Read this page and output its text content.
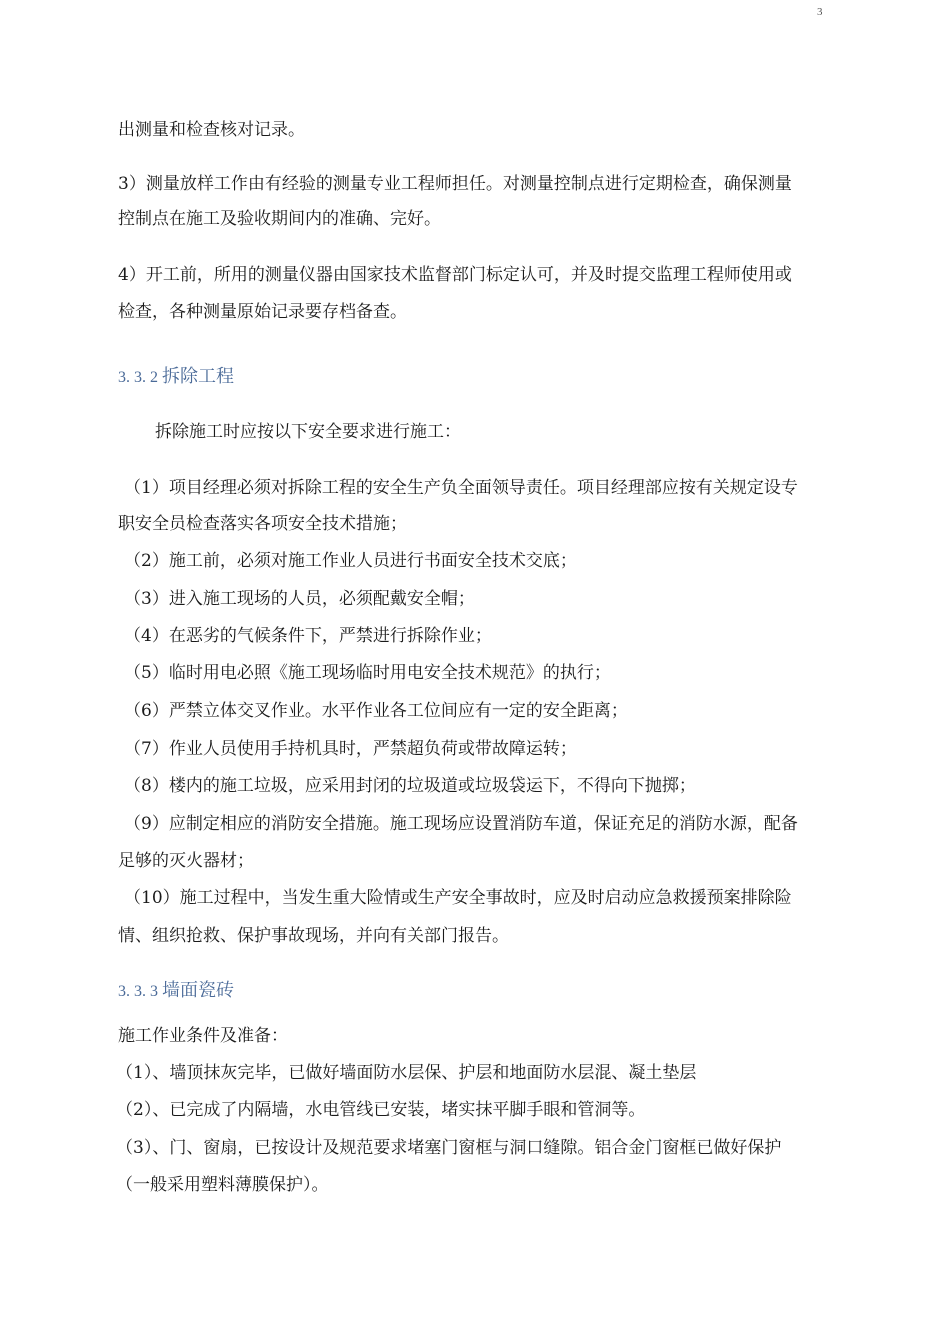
3
出测量和检查核对记录。
3）测量放样工作由有经验的测量专业工程师担任。对测量控制点进行定期检查，确保测量
控制点在施工及验收期间内的准确、完好。
4）开工前，所用的测量仪器由国家技术监督部门标定认可，并及时提交监理工程师使用或
检查，各种测量原始记录要存档备查。
3. 3. 2 拆除工程
拆除施工时应按以下安全要求进行施工：
（1）项目经理必须对拆除工程的安全生产负全面领导责任。项目经理部应按有关规定设专
职安全员检查落实各项安全技术措施；
（2）施工前，必须对施工作业人员进行书面安全技术交底；
（3）进入施工现场的人员，必须配戴安全帽；
（4）在恶劣的气候条件下，严禁进行拆除作业；
（5）临时用电必照《施工现场临时用电安全技术规范》的执行；
（6）严禁立体交叉作业。水平作业各工位间应有一定的安全距离；
（7）作业人员使用手持机具时，严禁超负荷或带故障运转；
（8）楼内的施工垃圾，应采用封闭的垃圾道或垃圾袋运下，不得向下抛掷；
（9）应制定相应的消防安全措施。施工现场应设置消防车道，保证充足的消防水源，配备
足够的灭火器材；
（10）施工过程中，当发生重大险情或生产安全事故时，应及时启动应急救援预案排除险
情、组织抢救、保护事故现场，并向有关部门报告。
3. 3. 3 墙面瓷砖
施工作业条件及准备：
（1）、墙顶抹灰完毕，已做好墙面防水层保、护层和地面防水层混、凝土垫层
（2）、已完成了内隔墙，水电管线已安装，堵实抹平脚手眼和管洞等。
（3）、门、窗扇，已按设计及规范要求堵塞门窗框与洞口缝隙。铝合金门窗框已做好保护
（一般采用塑料薄膜保护）。
